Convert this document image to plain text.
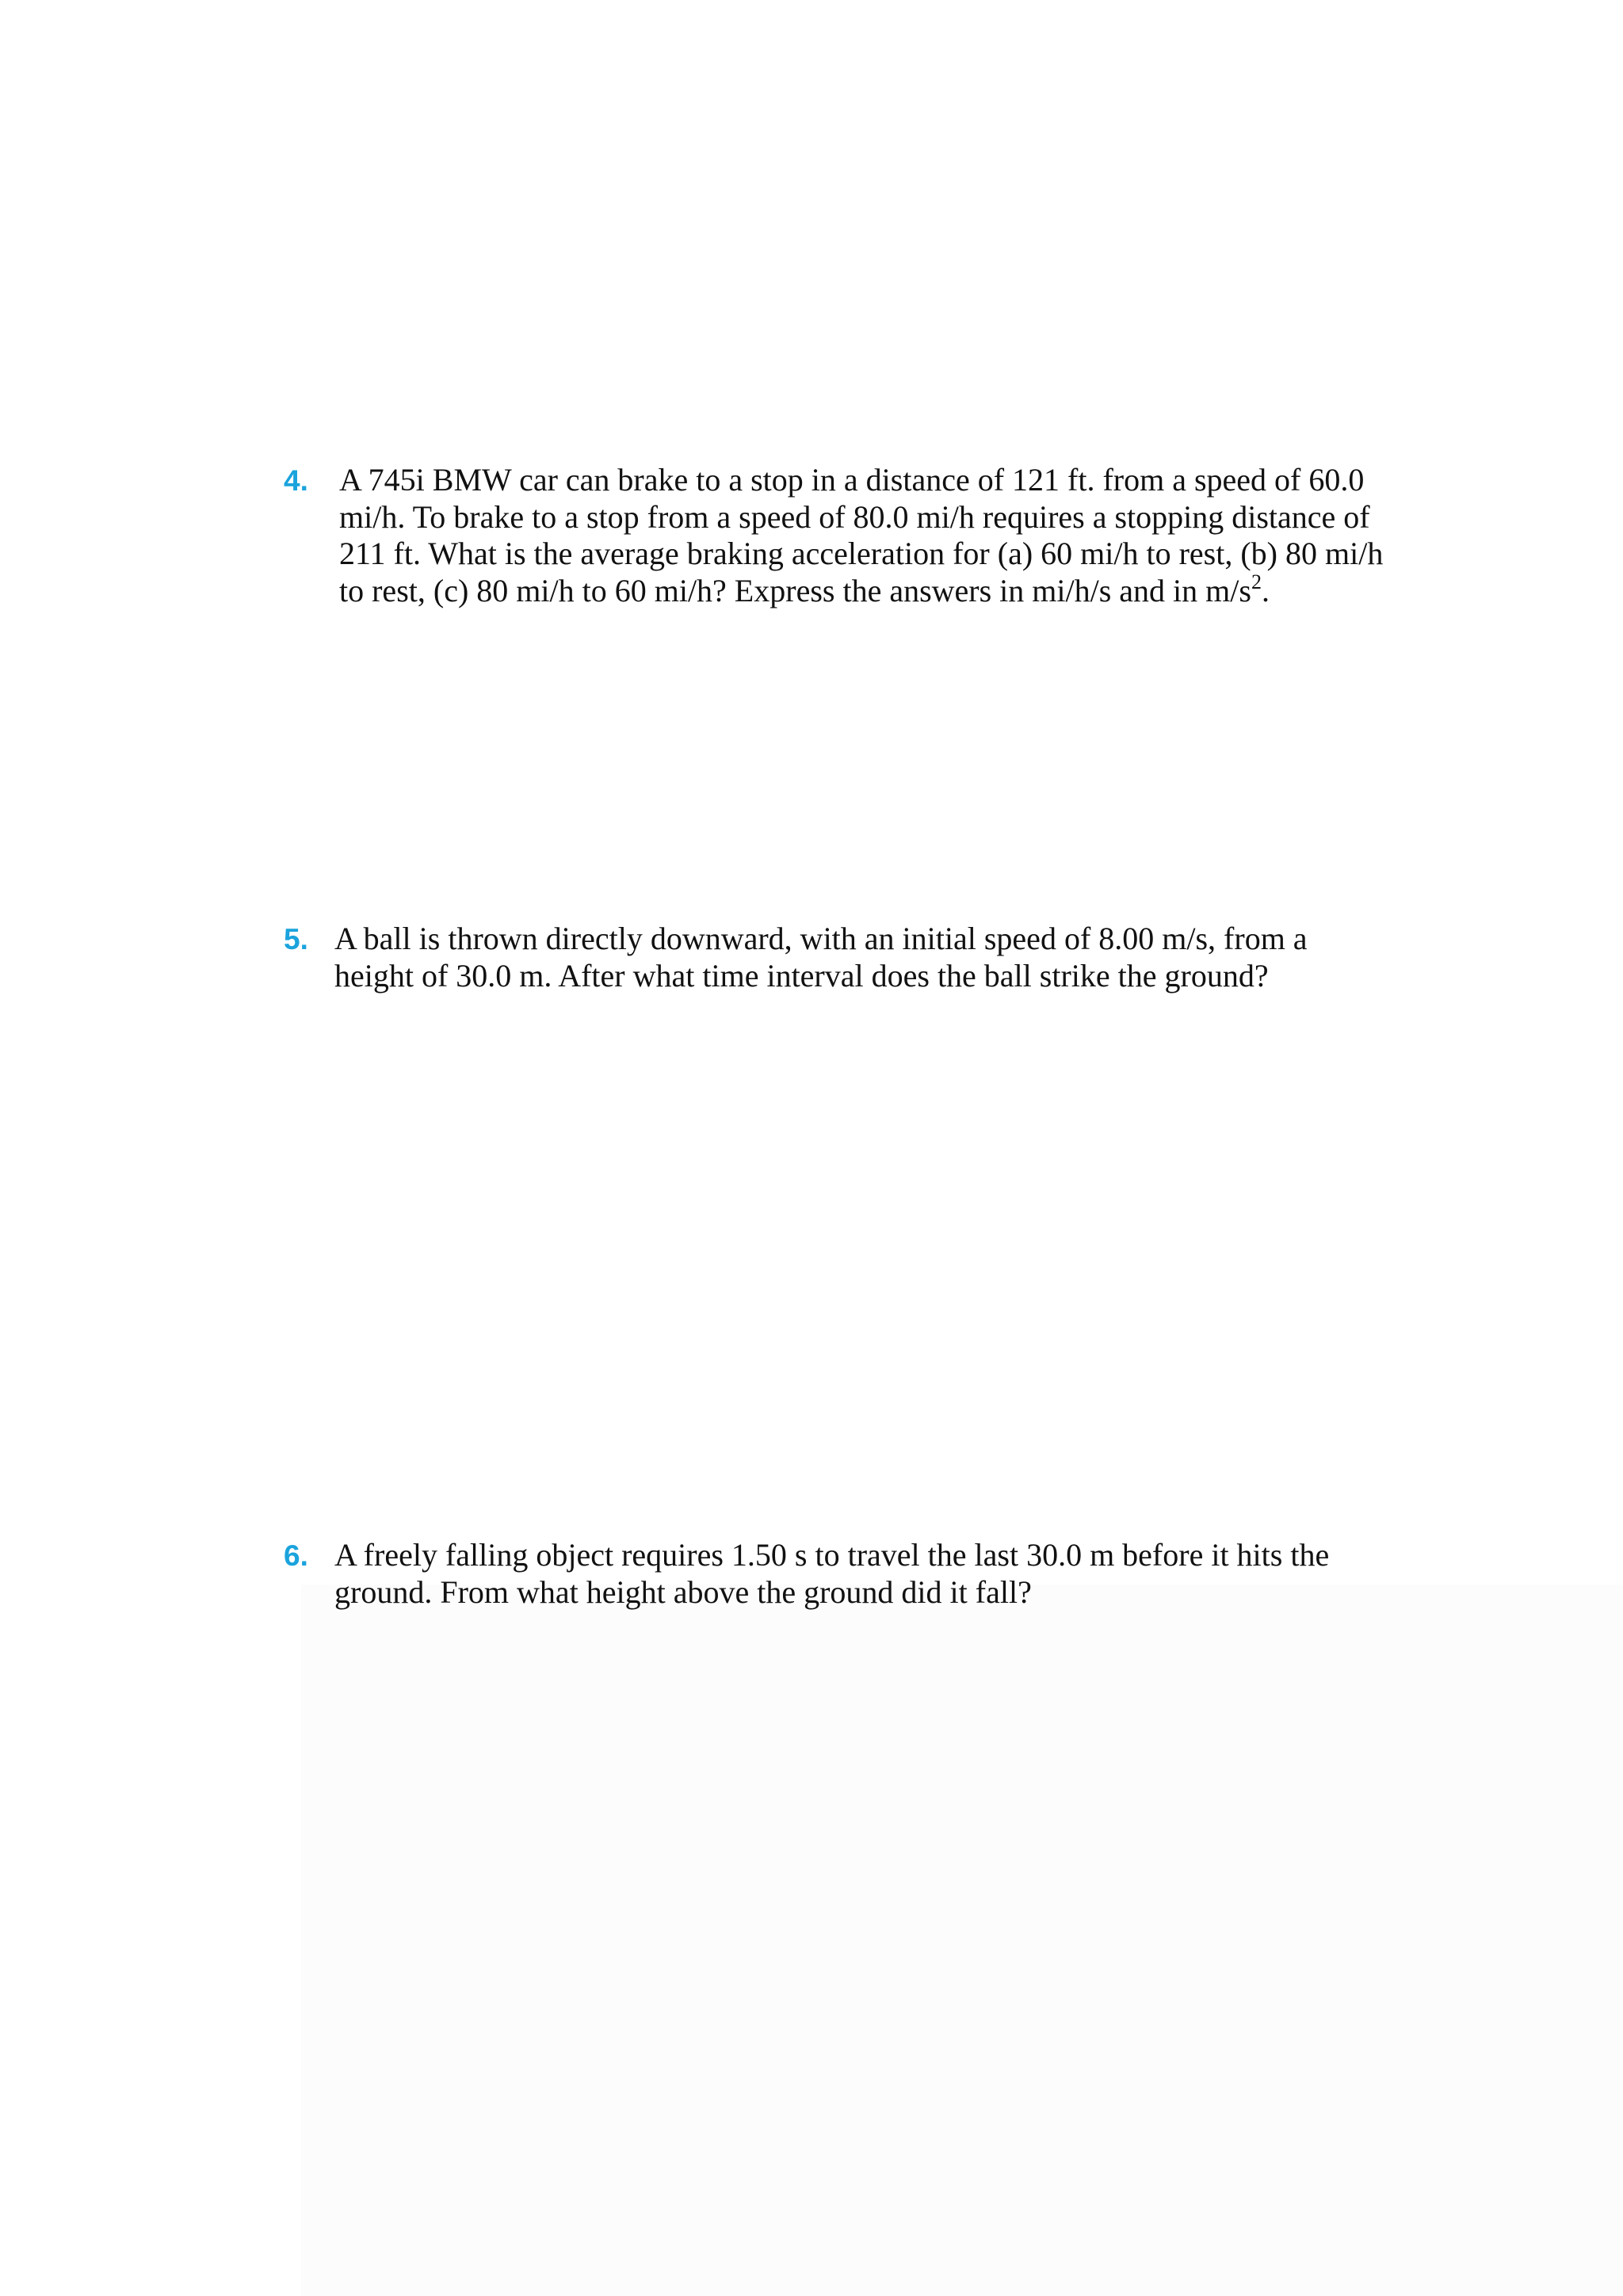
4. A 745i BMW car can brake to a stop in a distance of 121 ft. from a speed of 60.0
mi/h. To brake to a stop from a speed of 80.0 mi/h requires a stopping distance of
211 ft. What is the average braking acceleration for (a) 60 mi/h to rest, (b) 80 mi/h
to rest, (c) 80 mi/h to 60 mi/h? Express the answers in mi/h/s and in $m/s^2$.
5. A ball is thrown directly downward, with an initial speed of 8.00 m/s, from a
height of 30.0 m. After what time interval does the ball strike the ground?
6. A freely falling object requires 1.50 s to travel the last 30.0 m before it hits the
ground. From what height above the ground did it fall?
